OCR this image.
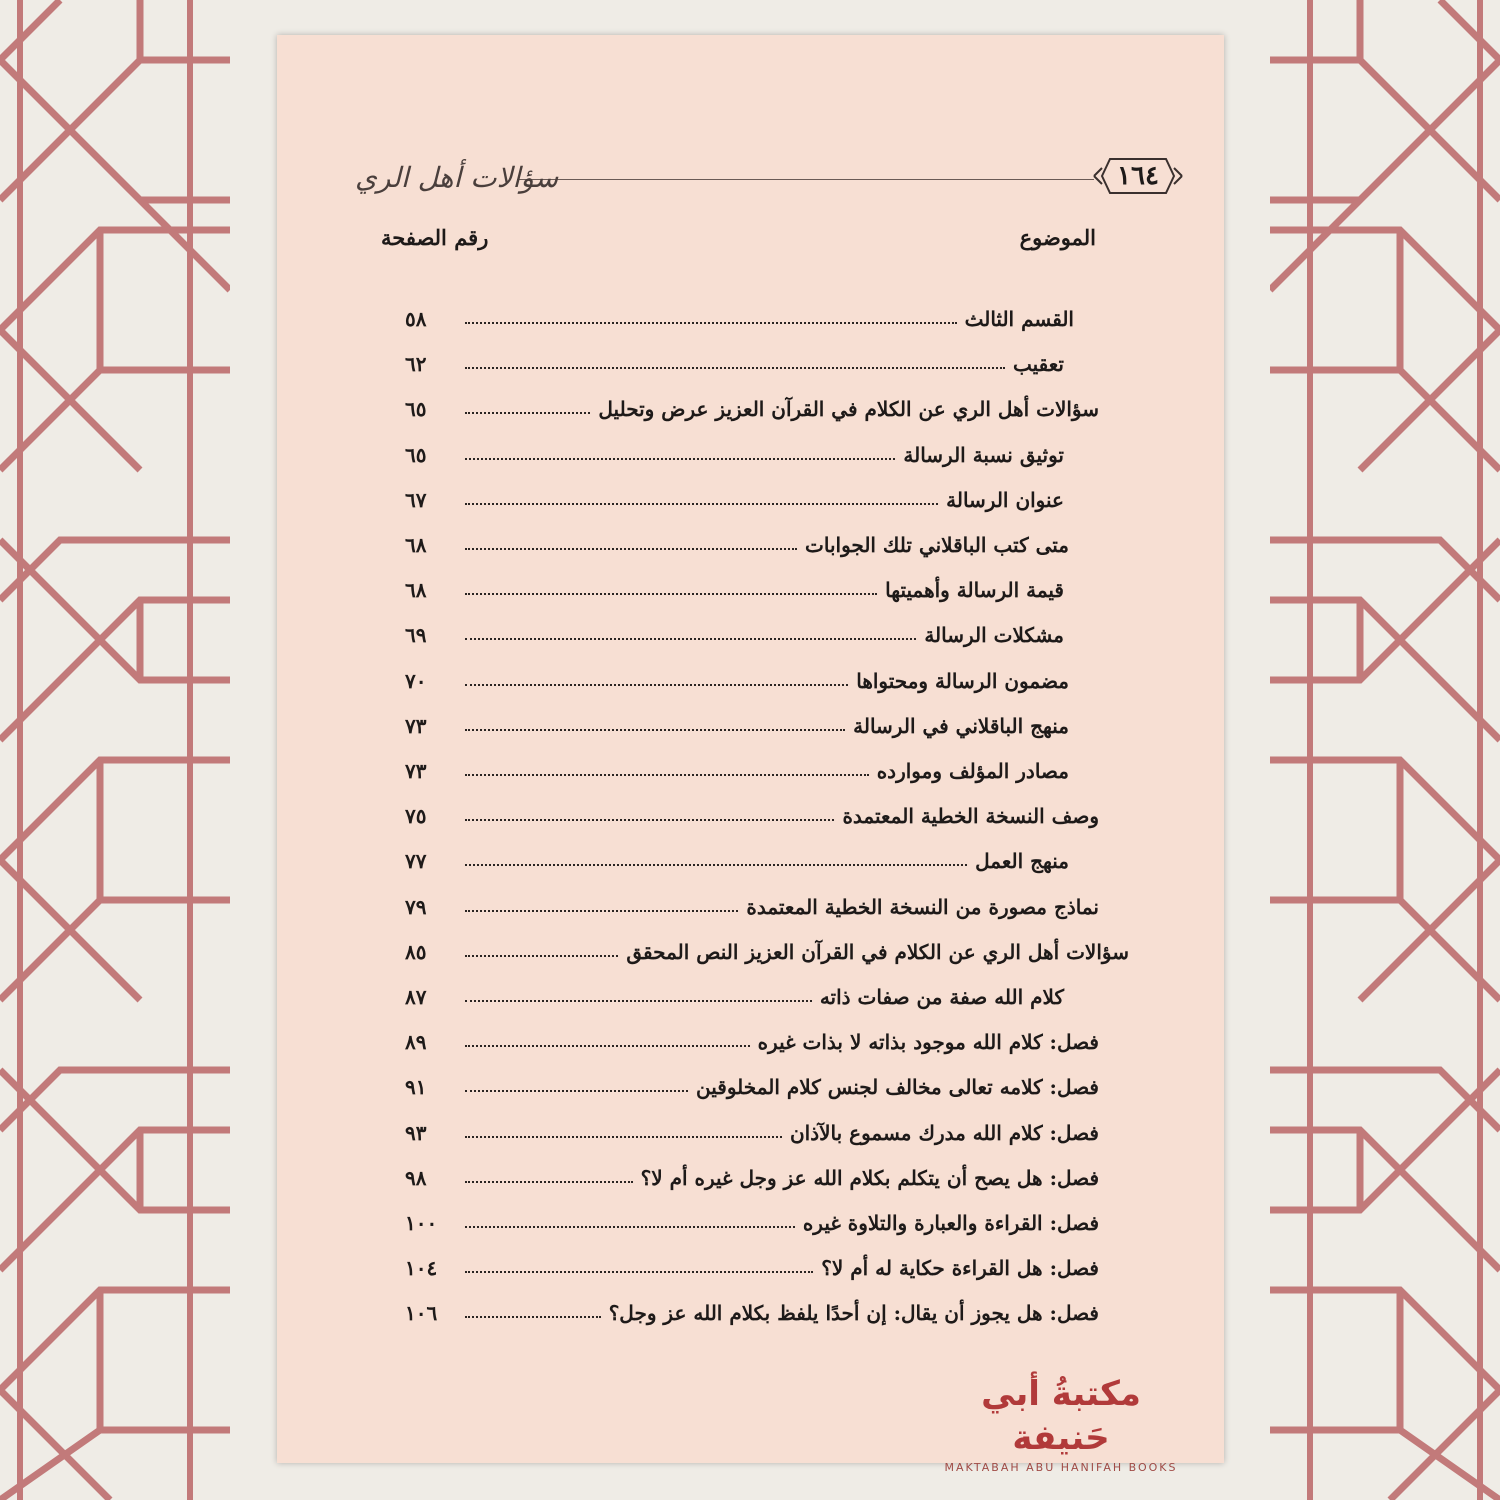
سؤالات أهل الري	١٦٤
الموضوع
رقم الصفحة
القسم الثالث
٥٨
تعقيب
٦٢
سؤالات أهل الري عن الكلام في القرآن العزيز عرض وتحليل
٦٥
توثيق نسبة الرسالة
٦٥
عنوان الرسالة
٦٧
متى كتب الباقلاني تلك الجوابات
٦٨
قيمة الرسالة وأهميتها
٦٨
مشكلات الرسالة
٦٩
مضمون الرسالة ومحتواها
٧٠
منهج الباقلاني في الرسالة
٧٣
مصادر المؤلف وموارده
٧٣
وصف النسخة الخطية المعتمدة
٧٥
منهج العمل
٧٧
نماذج مصورة من النسخة الخطية المعتمدة
٧٩
سؤالات أهل الري عن الكلام في القرآن العزيز النص المحقق
٨٥
كلام الله صفة من صفات ذاته
٨٧
فصل: كلام الله موجود بذاته لا بذات غيره
٨٩
فصل: كلامه تعالى مخالف لجنس كلام المخلوقين
٩١
فصل: كلام الله مدرك مسموع بالآذان
٩٣
فصل: هل يصح أن يتكلم بكلام الله عز وجل غيره أم لا؟
٩٨
فصل: القراءة والعبارة والتلاوة غيره
١٠٠
فصل: هل القراءة حكاية له أم لا؟
١٠٤
فصل: هل يجوز أن يقال: إن أحدًا يلفظ بكلام الله عز وجل؟
١٠٦
مكتبةُ أبي حَنيفة
MAKTABAH ABU HANIFAH BOOKS
